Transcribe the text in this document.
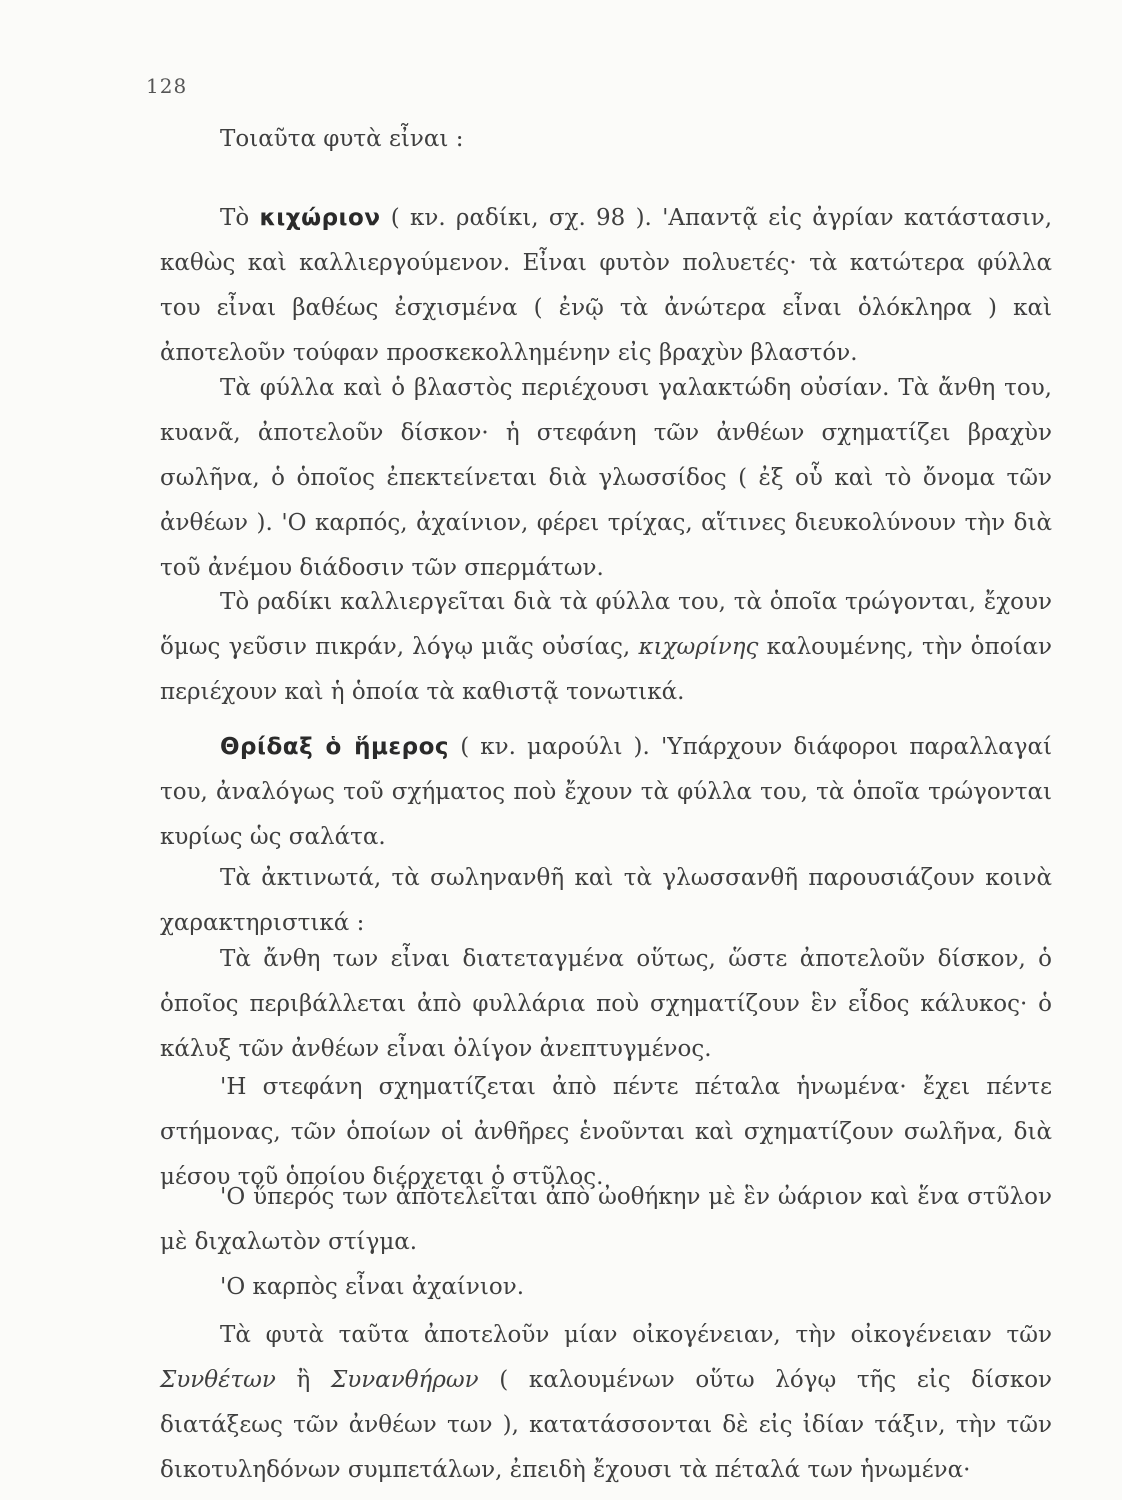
128
Τοιαῦτα φυτὰ εἶναι :
Τὸ κιχώριον ( κν. ραδίκι, σχ. 98 ). 'Απαντᾷ εἰς ἀγρίαν κατάστασιν, καθὼς καὶ καλλιεργούμενον. Εἶναι φυτὸν πολυετές· τὰ κατώτερα φύλλα του εἶναι βαθέως ἐσχισμένα ( ἐνῷ τὰ ἀνώτερα εἶναι ὁλόκληρα ) καὶ ἀποτελοῦν τούφαν προσκεκολλημένην εἰς βραχὺν βλαστόν.
Τὰ φύλλα καὶ ὁ βλαστὸς περιέχουσι γαλακτώδη οὐσίαν. Τὰ ἄνθη του, κυανᾶ, ἀποτελοῦν δίσκον· ἡ στεφάνη τῶν ἀνθέων σχηματίζει βραχὺν σωλῆνα, ὁ ὁποῖος ἐπεκτείνεται διὰ γλωσσίδος ( ἐξ οὗ καὶ τὸ ὄνομα τῶν ἀνθέων ). 'Ο καρπός, ἀχαίνιον, φέρει τρίχας, αἵτινες διευκολύνουν τὴν διὰ τοῦ ἀνέμου διάδοσιν τῶν σπερμάτων.
Τὸ ραδίκι καλλιεργεῖται διὰ τὰ φύλλα του, τὰ ὁποῖα τρώγονται, ἔχουν ὅμως γεῦσιν πικράν, λόγῳ μιᾶς οὐσίας, κιχωρίνης καλουμένης, τὴν ὁποίαν περιέχουν καὶ ἡ ὁποία τὰ καθιστᾷ τονωτικά.
Θρίδαξ ὁ ἥμερος ( κν. μαρούλι ). 'Υπάρχουν διάφοροι παραλλαγαί του, ἀναλόγως τοῦ σχήματος ποὺ ἔχουν τὰ φύλλα του, τὰ ὁποῖα τρώγονται κυρίως ὡς σαλάτα.
Τὰ ἀκτινωτά, τὰ σωληνανθῆ καὶ τὰ γλωσσανθῆ παρουσιάζουν κοινὰ χαρακτηριστικά :
Τὰ ἄνθη των εἶναι διατεταγμένα οὕτως, ὥστε ἀποτελοῦν δίσκον, ὁ ὁποῖος περιβάλλεται ἀπὸ φυλλάρια ποὺ σχηματίζουν ἓν εἶδος κάλυκος· ὁ κάλυξ τῶν ἀνθέων εἶναι ὀλίγον ἀνεπτυγμένος.
'Η στεφάνη σχηματίζεται ἀπὸ πέντε πέταλα ἡνωμένα· ἔχει πέντε στήμονας, τῶν ὁποίων οἱ ἀνθῆρες ἑνοῦνται καὶ σχηματίζουν σωλῆνα, διὰ μέσου τοῦ ὁποίου διέρχεται ὁ στῦλος.
'Ο ὕπερός των ἀποτελεῖται ἀπὸ ὠοθήκην μὲ ἓν ὠάριον καὶ ἕνα στῦλον μὲ διχαλωτὸν στίγμα.
'Ο καρπὸς εἶναι ἀχαίνιον.
Τὰ φυτὰ ταῦτα ἀποτελοῦν μίαν οἰκογένειαν, τὴν οἰκογένειαν τῶν Συνθέτων ἢ Συνανθήρων ( καλουμένων οὕτω λόγῳ τῆς εἰς δίσκον διατάξεως τῶν ἀνθέων των ), κατατάσσονται δὲ εἰς ἰδίαν τάξιν, τὴν τῶν δικοτυληδόνων συμπετάλων, ἐπειδὴ ἔχουσι τὰ πέταλά των ἡνωμένα·
